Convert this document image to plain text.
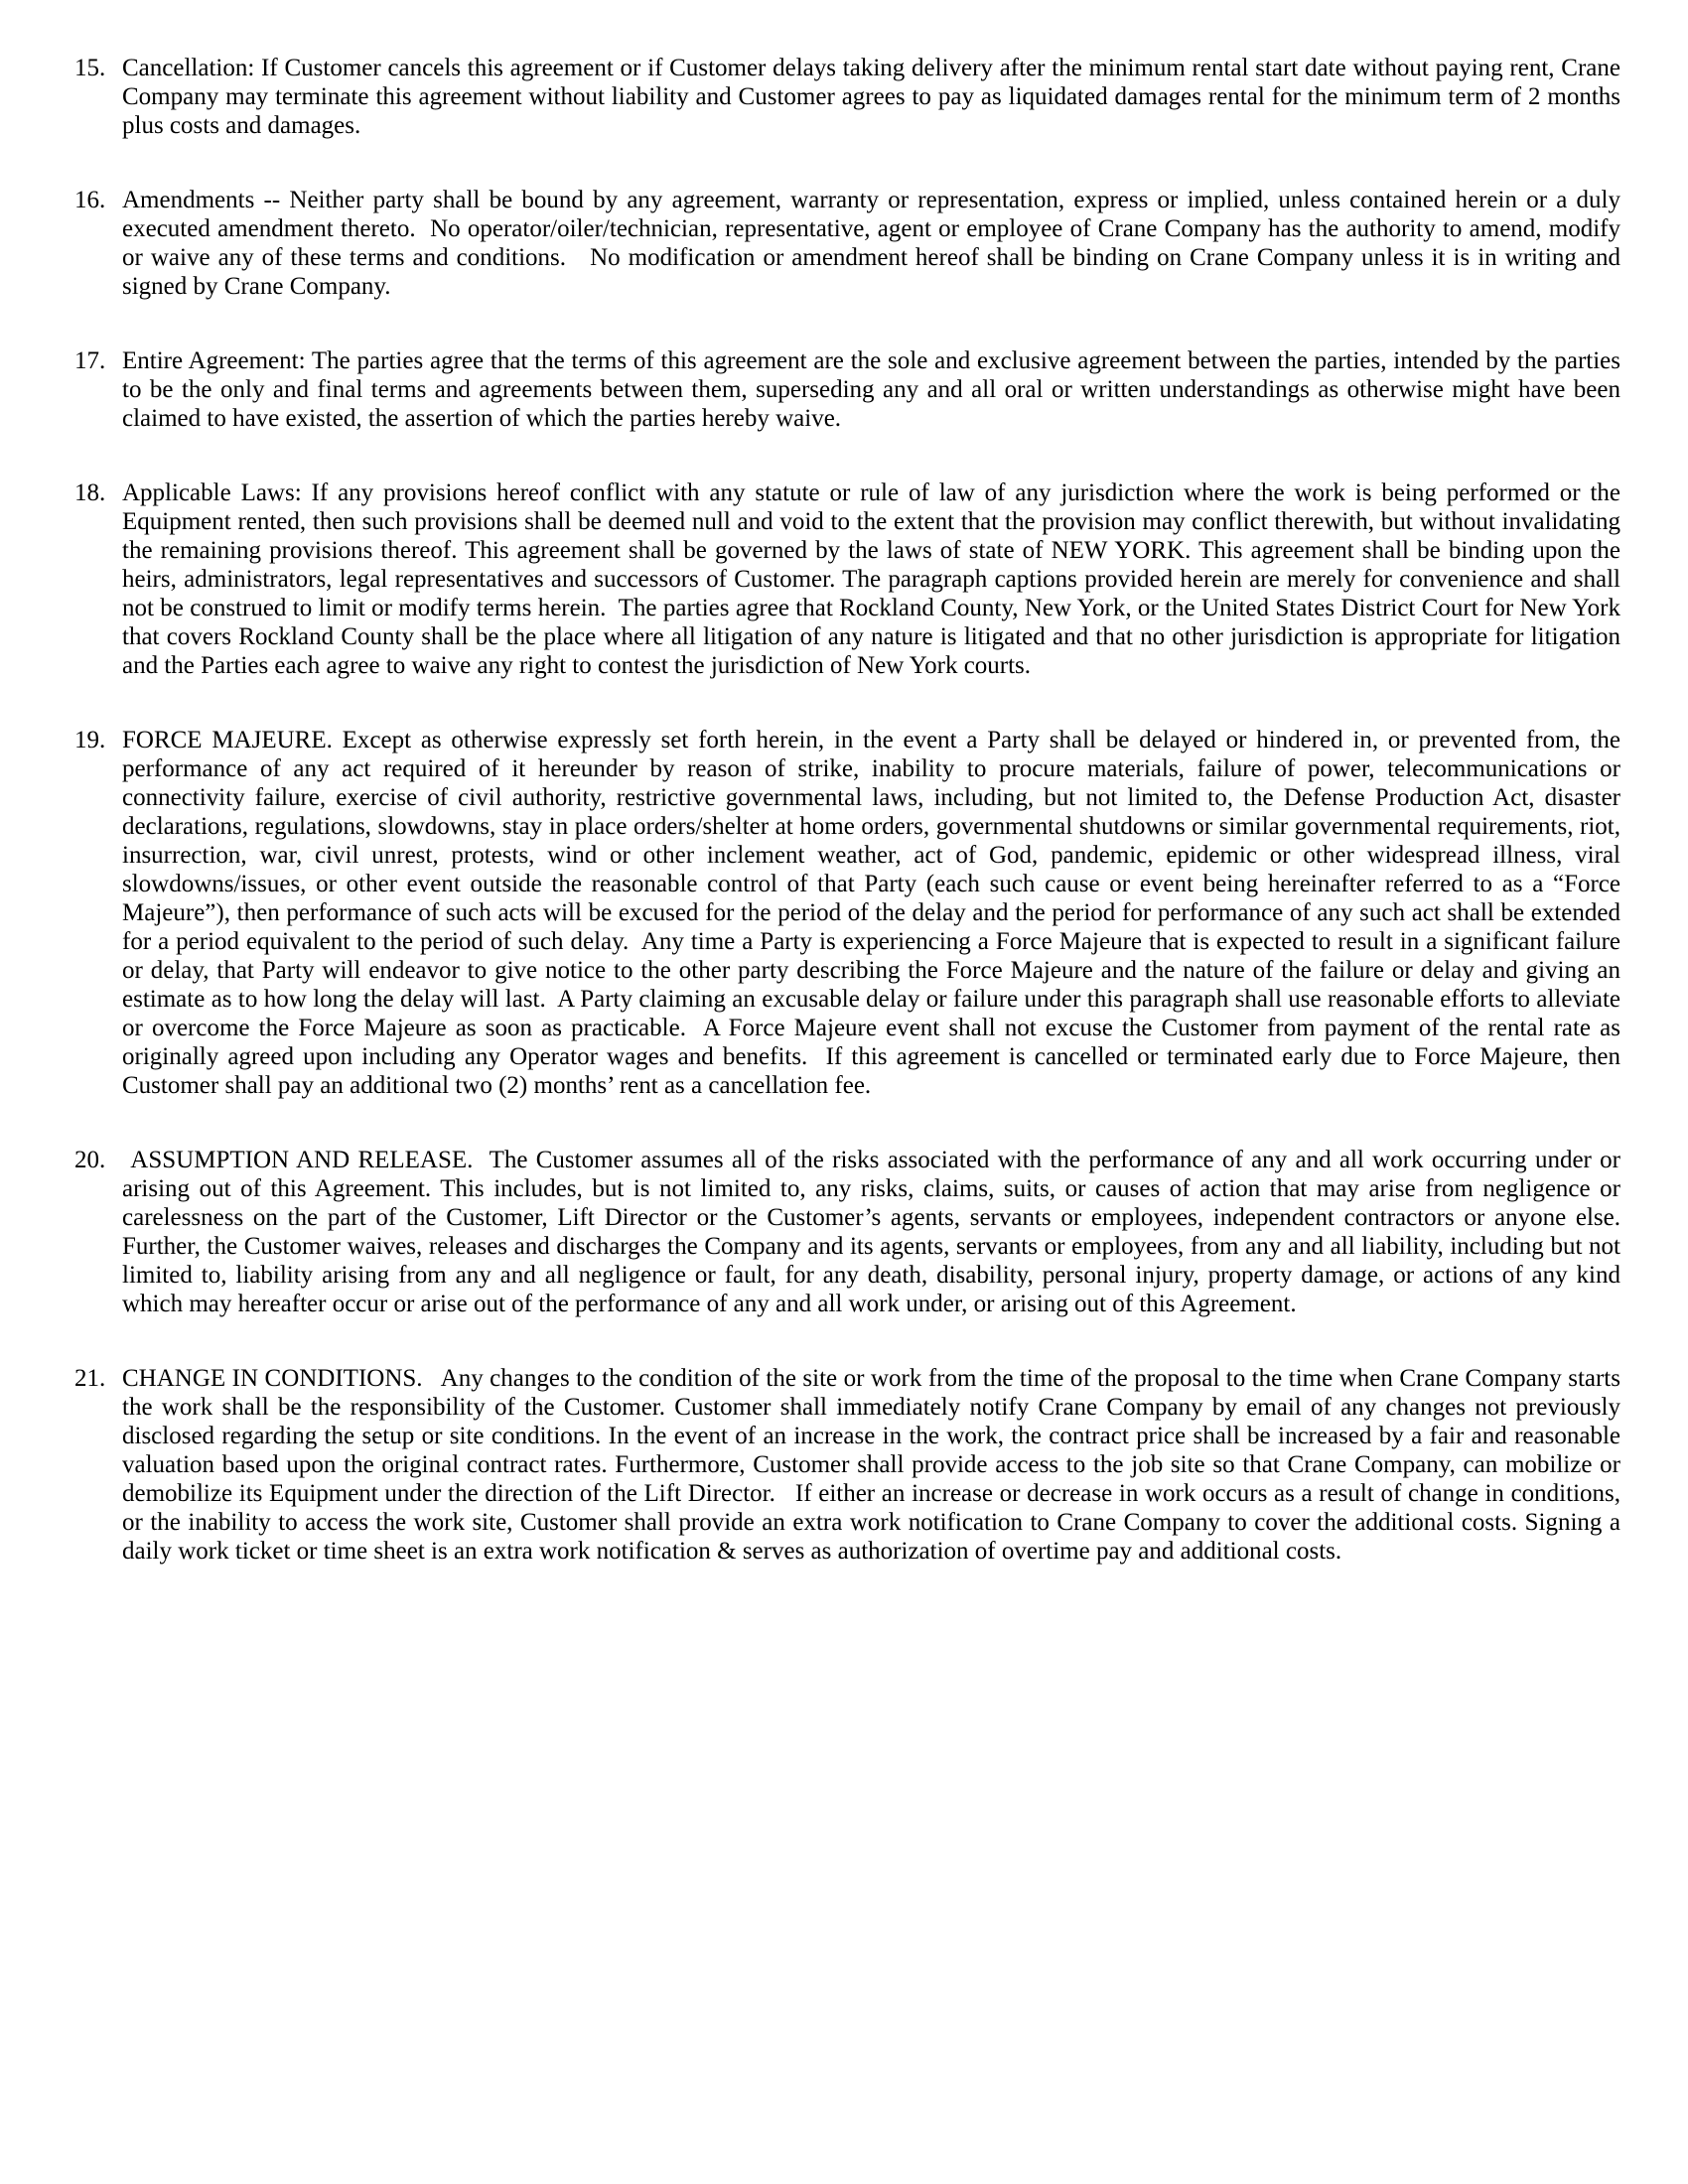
15. Cancellation: If Customer cancels this agreement or if Customer delays taking delivery after the minimum rental start date without paying rent, Crane Company may terminate this agreement without liability and Customer agrees to pay as liquidated damages rental for the minimum term of 2 months plus costs and damages.
16. Amendments -- Neither party shall be bound by any agreement, warranty or representation, express or implied, unless contained herein or a duly executed amendment thereto.  No operator/oiler/technician, representative, agent or employee of Crane Company has the authority to amend, modify or waive any of these terms and conditions.   No modification or amendment hereof shall be binding on Crane Company unless it is in writing and signed by Crane Company.
17. Entire Agreement: The parties agree that the terms of this agreement are the sole and exclusive agreement between the parties, intended by the parties to be the only and final terms and agreements between them, superseding any and all oral or written understandings as otherwise might have been claimed to have existed, the assertion of which the parties hereby waive.
18. Applicable Laws: If any provisions hereof conflict with any statute or rule of law of any jurisdiction where the work is being performed or the Equipment rented, then such provisions shall be deemed null and void to the extent that the provision may conflict therewith, but without invalidating the remaining provisions thereof. This agreement shall be governed by the laws of state of NEW YORK. This agreement shall be binding upon the heirs, administrators, legal representatives and successors of Customer. The paragraph captions provided herein are merely for convenience and shall not be construed to limit or modify terms herein.  The parties agree that Rockland County, New York, or the United States District Court for New York that covers Rockland County shall be the place where all litigation of any nature is litigated and that no other jurisdiction is appropriate for litigation and the Parties each agree to waive any right to contest the jurisdiction of New York courts.
19. FORCE MAJEURE. Except as otherwise expressly set forth herein, in the event a Party shall be delayed or hindered in, or prevented from, the performance of any act required of it hereunder by reason of strike, inability to procure materials, failure of power, telecommunications or connectivity failure, exercise of civil authority, restrictive governmental laws, including, but not limited to, the Defense Production Act, disaster declarations, regulations, slowdowns, stay in place orders/shelter at home orders, governmental shutdowns or similar governmental requirements, riot, insurrection, war, civil unrest, protests, wind or other inclement weather, act of God, pandemic, epidemic or other widespread illness, viral slowdowns/issues, or other event outside the reasonable control of that Party (each such cause or event being hereinafter referred to as a “Force Majeure”), then performance of such acts will be excused for the period of the delay and the period for performance of any such act shall be extended for a period equivalent to the period of such delay.  Any time a Party is experiencing a Force Majeure that is expected to result in a significant failure or delay, that Party will endeavor to give notice to the other party describing the Force Majeure and the nature of the failure or delay and giving an estimate as to how long the delay will last.  A Party claiming an excusable delay or failure under this paragraph shall use reasonable efforts to alleviate or overcome the Force Majeure as soon as practicable.  A Force Majeure event shall not excuse the Customer from payment of the rental rate as originally agreed upon including any Operator wages and benefits.  If this agreement is cancelled or terminated early due to Force Majeure, then Customer shall pay an additional two (2) months’ rent as a cancellation fee.
20. ASSUMPTION AND RELEASE.  The Customer assumes all of the risks associated with the performance of any and all work occurring under or arising out of this Agreement. This includes, but is not limited to, any risks, claims, suits, or causes of action that may arise from negligence or carelessness on the part of the Customer, Lift Director or the Customer’s agents, servants or employees, independent contractors or anyone else. Further, the Customer waives, releases and discharges the Company and its agents, servants or employees, from any and all liability, including but not limited to, liability arising from any and all negligence or fault, for any death, disability, personal injury, property damage, or actions of any kind which may hereafter occur or arise out of the performance of any and all work under, or arising out of this Agreement.
21. CHANGE IN CONDITIONS.   Any changes to the condition of the site or work from the time of the proposal to the time when Crane Company starts the work shall be the responsibility of the Customer. Customer shall immediately notify Crane Company by email of any changes not previously disclosed regarding the setup or site conditions. In the event of an increase in the work, the contract price shall be increased by a fair and reasonable valuation based upon the original contract rates. Furthermore, Customer shall provide access to the job site so that Crane Company, can mobilize or demobilize its Equipment under the direction of the Lift Director.   If either an increase or decrease in work occurs as a result of change in conditions, or the inability to access the work site, Customer shall provide an extra work notification to Crane Company to cover the additional costs. Signing a daily work ticket or time sheet is an extra work notification & serves as authorization of overtime pay and additional costs.
